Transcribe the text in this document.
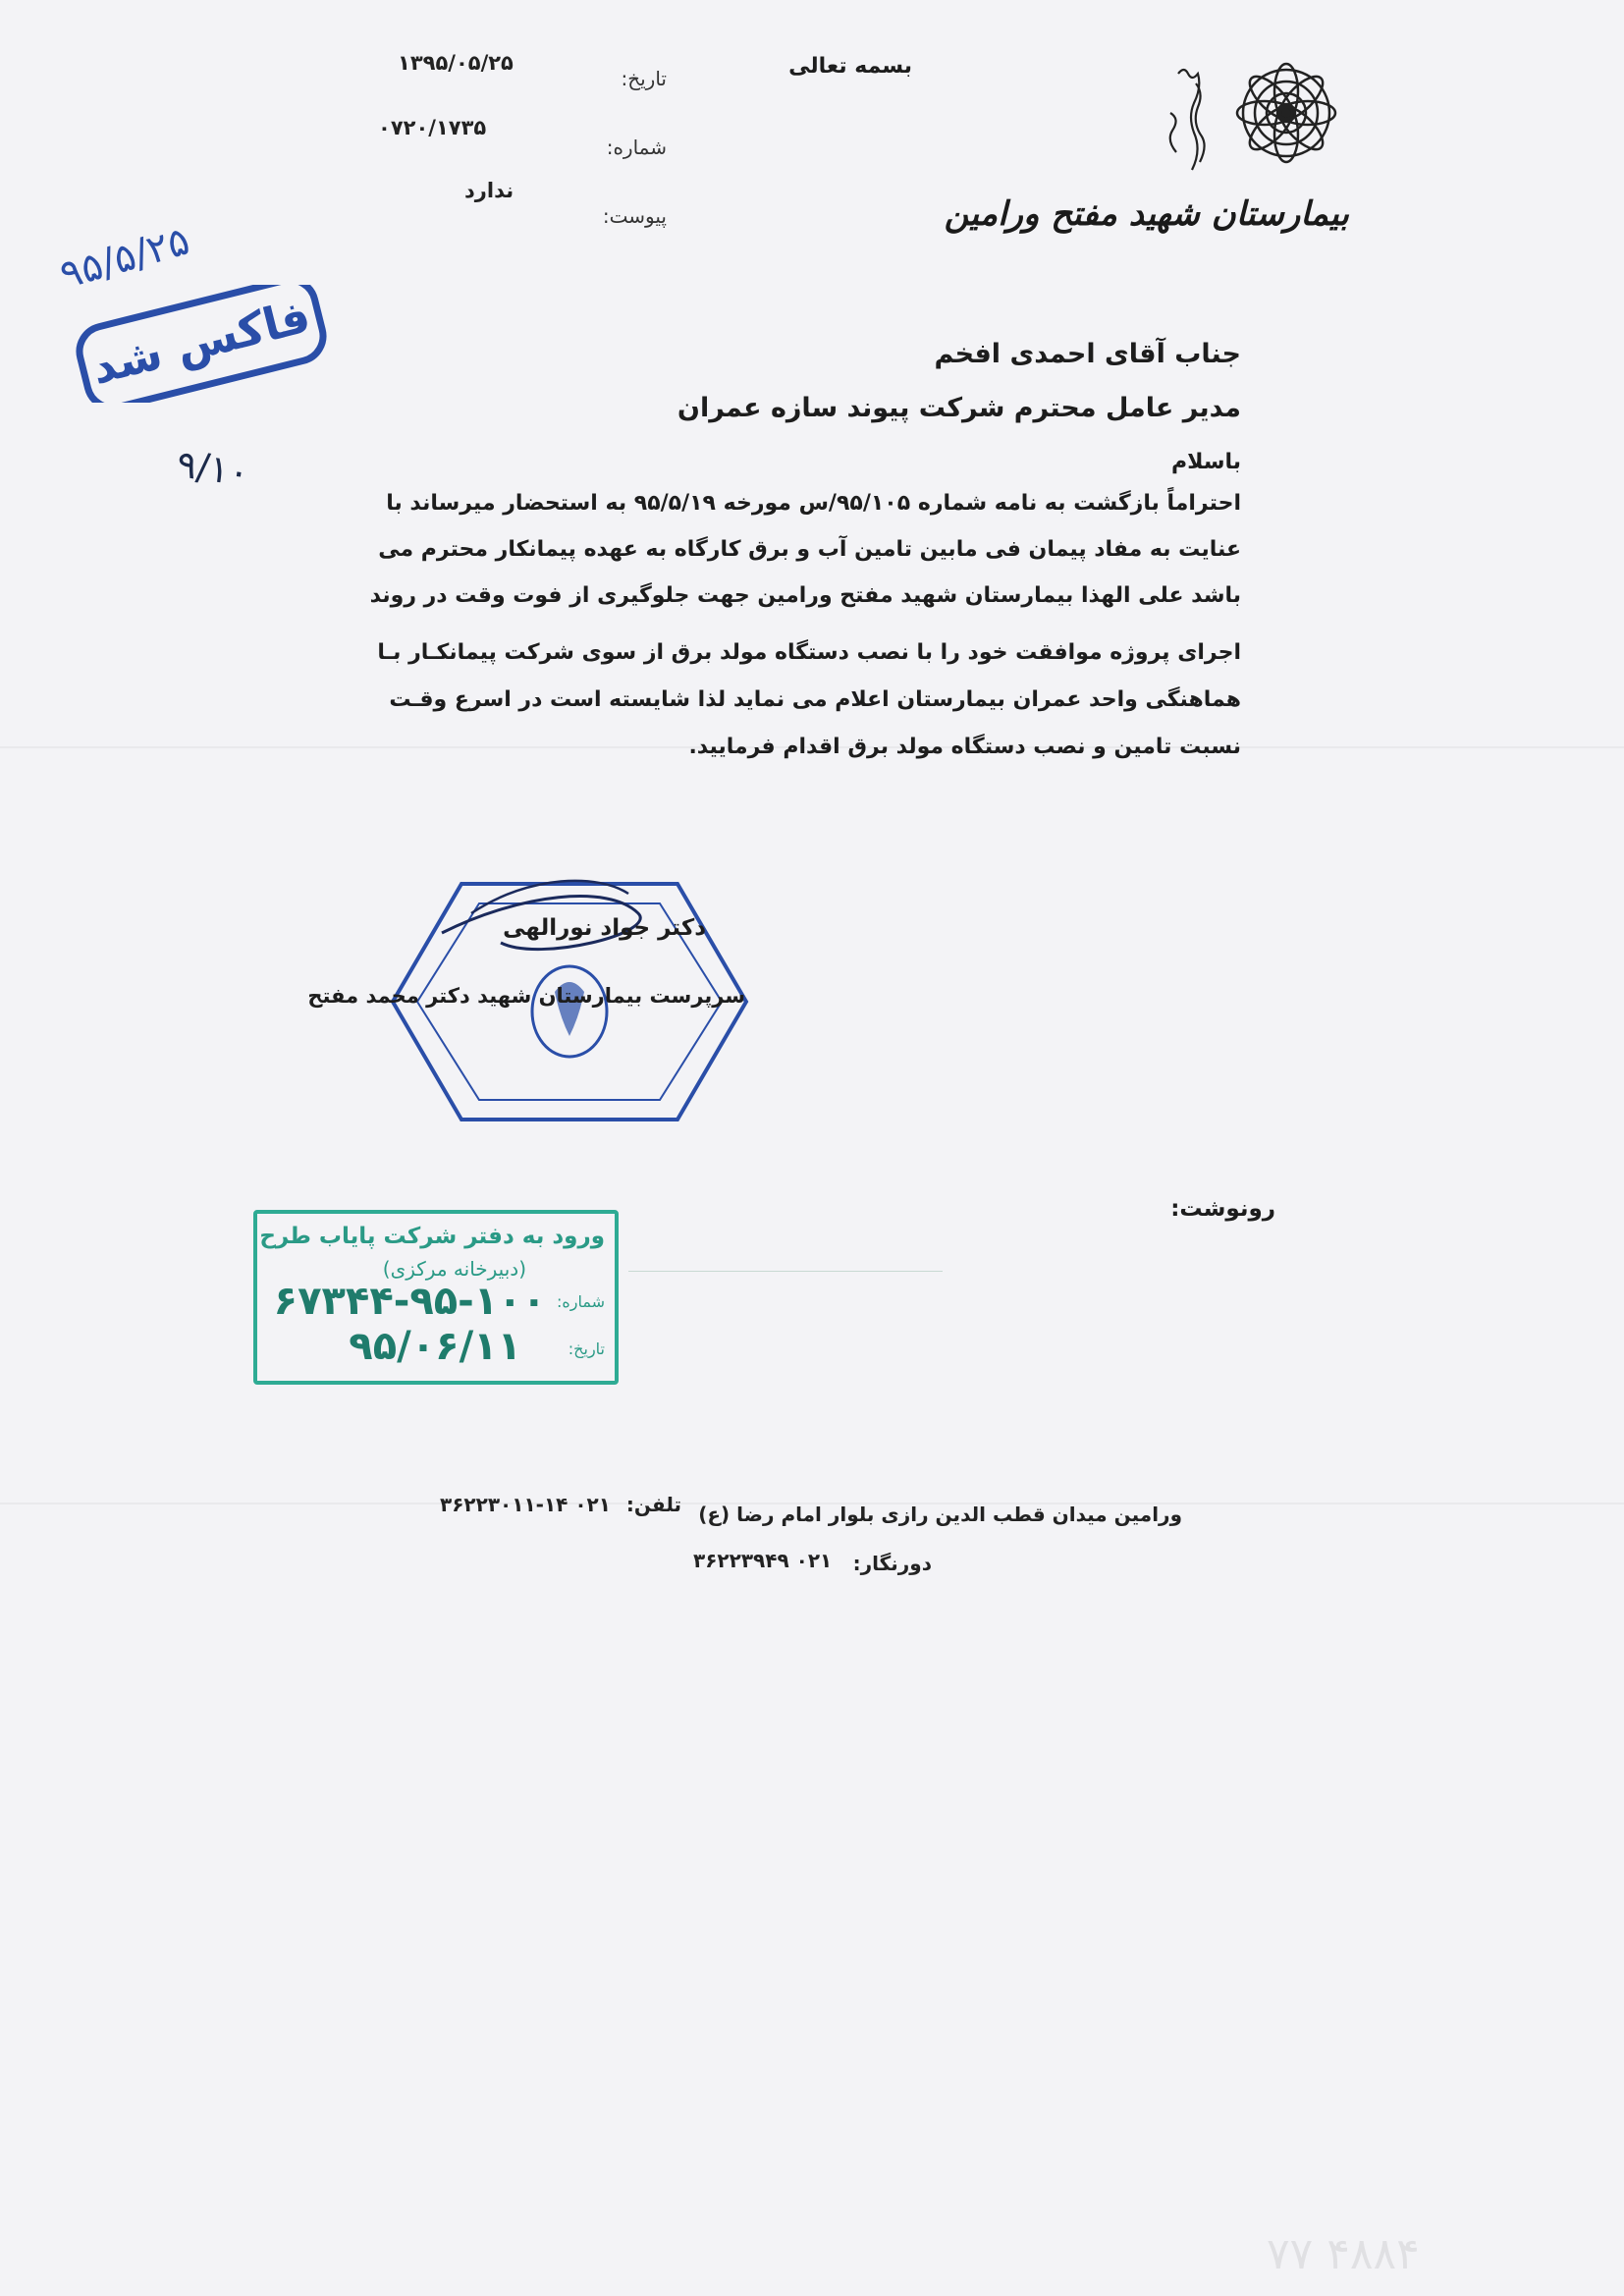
بسمه تعالی
تاریخ:
۱۳۹۵/۰۵/۲۵
شماره:
۰۷۲۰/۱۷۳۵
پیوست:
ندارد
بیمارستان شهید مفتح ورامین
فاکس شد
۹۵/۵/۲۵
۹/۱۰
جناب آقای احمدی افخم
مدیر عامل محترم شرکت پیوند سازه عمران
باسلام
احتراماً بازگشت به نامه شماره ۹۵/۱۰۵/س مورخه ۹۵/۵/۱۹ به استحضار میرساند با
عنایت به مفاد پیمان فی مابین تامین آب و برق کارگاه به عهده پیمانکار محترم می
باشد علی الهذا بیمارستان شهید مفتح ورامین جهت جلوگیری از فوت وقت در روند
اجرای پروژه موافقت خود را با نصب دستگاه مولد برق از سوی شرکت پیمانکـار بـا
هماهنگی واحد عمران بیمارستان اعلام می نماید لذا شایسته است در اسرع وقـت
نسبت تامین و نصب دستگاه مولد برق اقدام فرمایید.
دکتر جواد نورالهی
سرپرست بیمارستان شهید دکتر محمد مفتح
رونوشت:
ورود به دفتر شرکت پایاب طرح
(دبیرخانه مرکزی)
شماره:
۶۷۳۴۴-۹۵-۱۰۰
تاریخ:
۹۵/۰۶/۱۱
ورامین میدان قطب الدین رازی بلوار امام رضا (ع)
تلفن:
۰۲۱ ۳۶۲۲۳۰۱۱-۱۴
دورنگار:
۰۲۱ ۳۶۲۲۳۹۴۹
۷۷ ۴۸۸۴
